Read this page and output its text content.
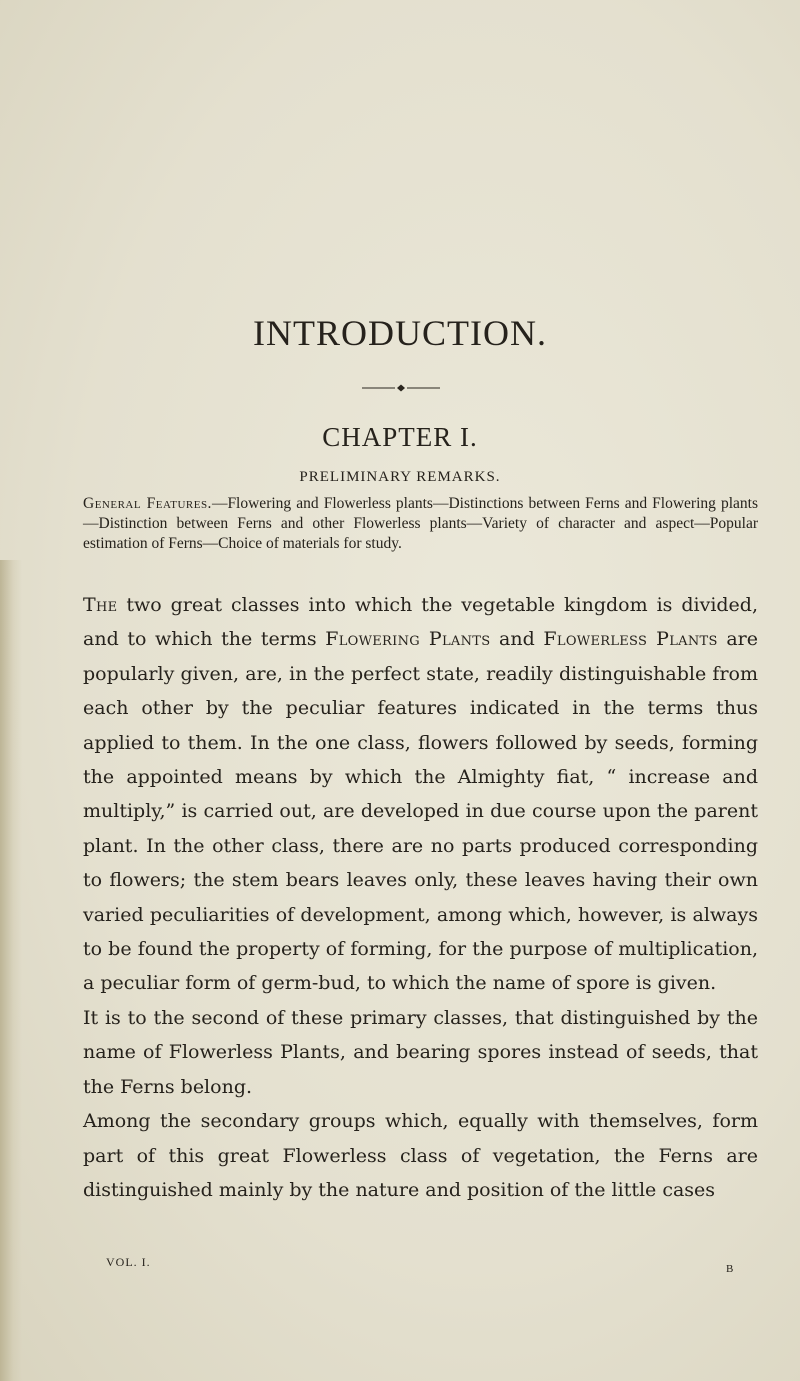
INTRODUCTION.
CHAPTER I.
PRELIMINARY REMARKS.

General Features.—Flowering and Flowerless plants—Distinctions between Ferns and Flowering plants—Distinction between Ferns and other Flowerless plants—Variety of character and aspect—Popular estimation of Ferns—Choice of materials for study.

The two great classes into which the vegetable kingdom is divided, and to which the terms Flowering Plants and Flowerless Plants are popularly given, are, in the perfect state, readily distinguishable from each other by the peculiar features indicated in the terms thus applied to them. In the one class, flowers followed by seeds, forming the appointed means by which the Almighty fiat, “ increase and multiply,” is carried out, are developed in due course upon the parent plant. In the other class, there are no parts produced corresponding to flowers; the stem bears leaves only, these leaves having their own varied peculiarities of development, among which, however, is always to be found the property of forming, for the purpose of multiplication, a peculiar form of germ-bud, to which the name of spore is given.

It is to the second of these primary classes, that distinguished by the name of Flowerless Plants, and bearing spores instead of seeds, that the Ferns belong.

Among the secondary groups which, equally with themselves, form part of this great Flowerless class of vegetation, the Ferns are distinguished mainly by the nature and position of the little cases

VOL. I.	B
